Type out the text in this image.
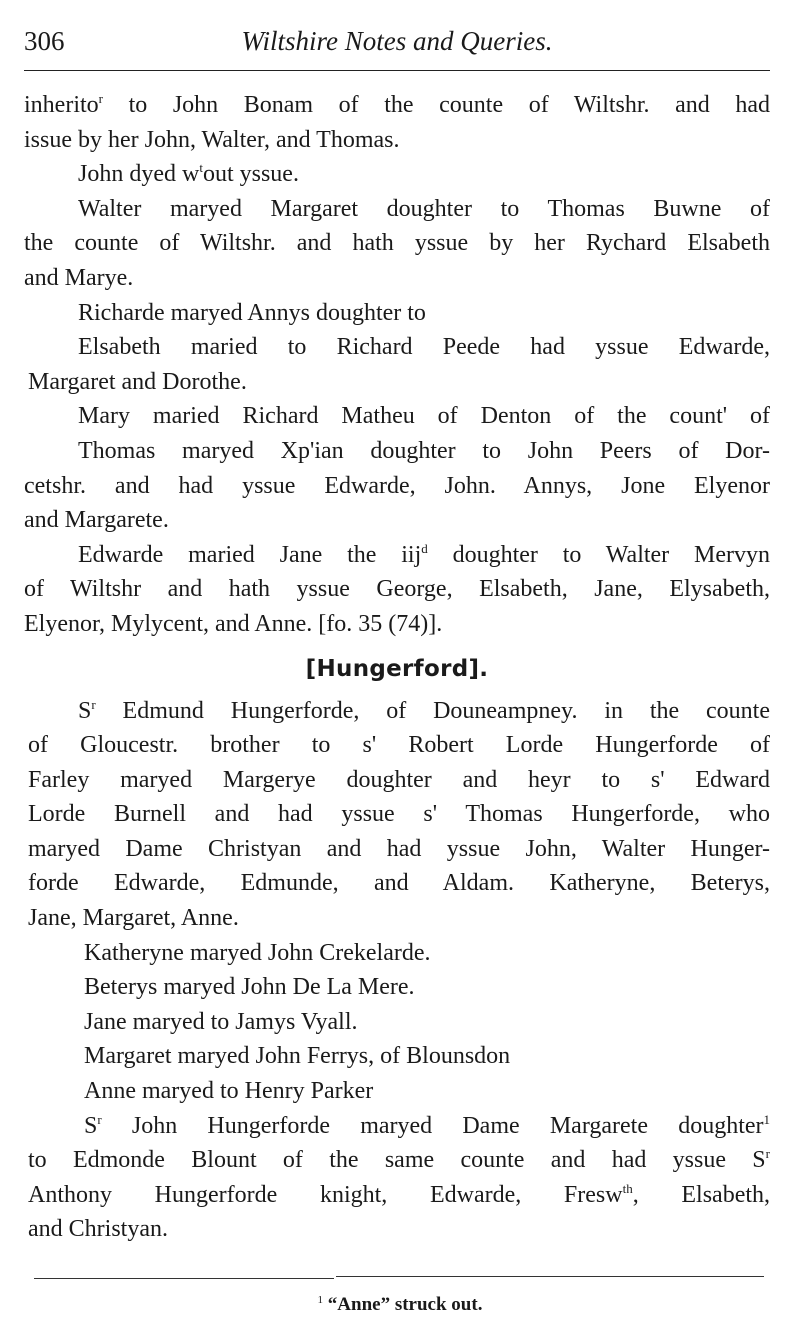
306	Wiltshire Notes and Queries.
inherito$^r$ to John Bonam of the counte of Wiltshr. and had
issue by her John, Walter, and Thomas.
John dyed $w^tout$ yssue.
Walter maryed Margaret doughter to Thomas Buwne of
the counte of Wiltshr. and hath yssue by her Rychard Elsabeth
and Marye.
Richarde maryed Annys doughter to
Elsabeth maried to Richard Peede had yssue Edwarde,
Margaret and Dorothe.
Mary maried Richard Matheu of Denton of the count' of
Thomas maryed Xp'ian doughter to John Peers of Dor-
cetshr. and had yssue Edwarde, John. Annys, Jone Elyenor
and Margarete.
Edwarde maried Jane the iij$^d$ doughter to Walter Mervyn
of Wiltshr and hath yssue George, Elsabeth, Jane, Elysabeth,
Elyenor, Mylycent, and Anne. [fo. 35 (74)].
[Hungerford].
$S^r$ Edmund Hungerforde, of Douneampney. in the counte
of Gloucestr. brother to s' Robert Lorde Hungerforde of
Farley maryed Margerye doughter and heyr to s' Edward
Lorde Burnell and had yssue s' Thomas Hungerforde, who
maryed Dame Christyan and had yssue John, Walter Hunger-
forde Edwarde, Edmunde, and Aldam. Katheryne, Beterys,
Jane, Margaret, Anne.
Katheryne maryed John Crekelarde.
Beterys maryed John De La Mere.
Jane maryed to Jamys Vyall.
Margaret maryed John Ferrys, of Blounsdon
Anne maryed to Henry Parker
$S^r$ John Hungerforde maryed Dame Margarete doughter$^1$
to Edmonde Blount of the same counte and had yssue $S^r$
Anthony Hungerforde knight, Edwarde, Fresw$^{th}$, Elsabeth,
and Christyan.
$^1$ “Anne” struck out.
